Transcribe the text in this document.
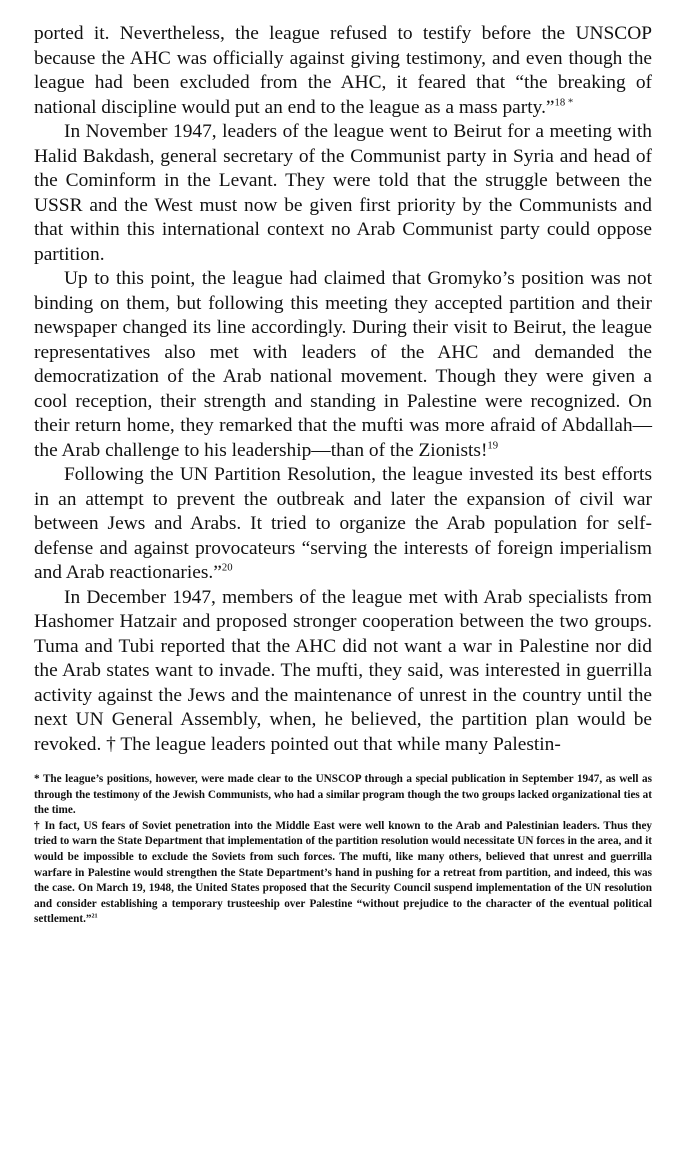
ported it. Nevertheless, the league refused to testify before the UNSCOP because the AHC was officially against giving testimony, and even though the league had been excluded from the AHC, it feared that “the breaking of national discipline would put an end to the league as a mass party.”$^{18 *}$

In November 1947, leaders of the league went to Beirut for a meeting with Halid Bakdash, general secretary of the Communist party in Syria and head of the Cominform in the Levant. They were told that the struggle between the USSR and the West must now be given first priority by the Communists and that within this international context no Arab Communist party could oppose partition.

Up to this point, the league had claimed that Gromyko’s position was not binding on them, but following this meeting they accepted partition and their newspaper changed its line accordingly. During their visit to Beirut, the league representatives also met with leaders of the AHC and demanded the democratization of the Arab national movement. Though they were given a cool reception, their strength and standing in Palestine were recognized. On their return home, they remarked that the mufti was more afraid of Abdallah—the Arab challenge to his leadership—than of the Zionists!$^{19}$

Following the UN Partition Resolution, the league invested its best efforts in an attempt to prevent the outbreak and later the expansion of civil war between Jews and Arabs. It tried to organize the Arab population for self-defense and against provocateurs “serving the interests of foreign imperialism and Arab reactionaries.”$^{20}$

In December 1947, members of the league met with Arab specialists from Hashomer Hatzair and proposed stronger cooperation between the two groups. Tuma and Tubi reported that the AHC did not want a war in Palestine nor did the Arab states want to invade. The mufti, they said, was interested in guerrilla activity against the Jews and the maintenance of unrest in the country until the next UN General Assembly, when, he believed, the partition plan would be revoked. † The league leaders pointed out that while many Palestin-

* The league’s positions, however, were made clear to the UNSCOP through a special publication in September 1947, as well as through the testimony of the Jewish Communists, who had a similar program though the two groups lacked organizational ties at the time.

† In fact, US fears of Soviet penetration into the Middle East were well known to the Arab and Palestinian leaders. Thus they tried to warn the State Department that implementation of the partition resolution would necessitate UN forces in the area, and it would be impossible to exclude the Soviets from such forces. The mufti, like many others, believed that unrest and guerrilla warfare in Palestine would strengthen the State Department’s hand in pushing for a retreat from partition, and indeed, this was the case. On March 19, 1948, the United States proposed that the Security Council suspend implementation of the UN resolution and consider establishing a temporary trusteeship over Palestine “without prejudice to the character of the eventual political settlement.”$^{21}$
